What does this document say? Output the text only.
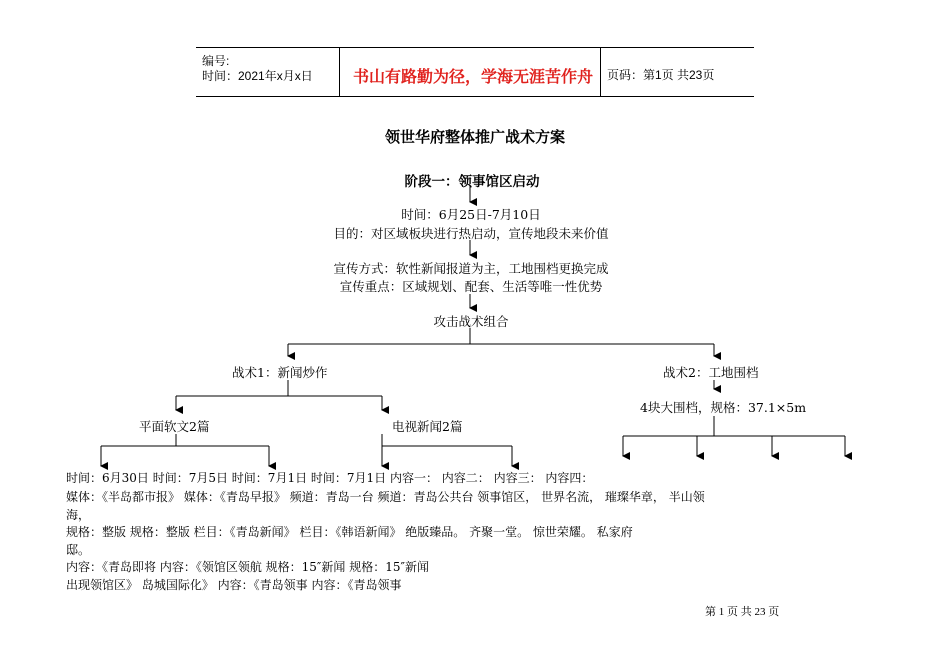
编号:
时间：2021年x月x日	书山有路勤为径，学海无涯苦作舟 页码：第1页 共23页
领世华府整体推广战术方案
阶段一：领事馆区启动
时间：6月25日-7月10日
目的：对区域板块进行热启动，宣传地段未来价值
宣传方式：软性新闻报道为主，工地围档更换完成
宣传重点：区域规划、配套、生活等唯一性优势
攻击战术组合
战术1：新闻炒作	战术2：工地围档
平面软文2篇	电视新闻2篇
4块大围档，规格：37.1×5m
时间：6月30日 时间：7月5日 时间：7月1日 时间：7月1日 内容一： 内容二： 内容三： 内容四：
媒体：《半岛都市报》 媒体：《青岛早报》 频道：青岛一台 频道：青岛公共台 领事馆区， 世界名流， 璀璨华章， 半山领
海，
规格：整版 规格：整版 栏目：《青岛新闻》 栏目：《韩语新闻》 绝版臻品。 齐聚一堂。 惊世荣耀。 私家府
邸。
内容：《青岛即将 内容：《领馆区领航 规格：15″新闻 规格：15″新闻
出现领馆区》 岛城国际化》 内容：《青岛领事 内容：《青岛领事
第 1 页 共 23 页
